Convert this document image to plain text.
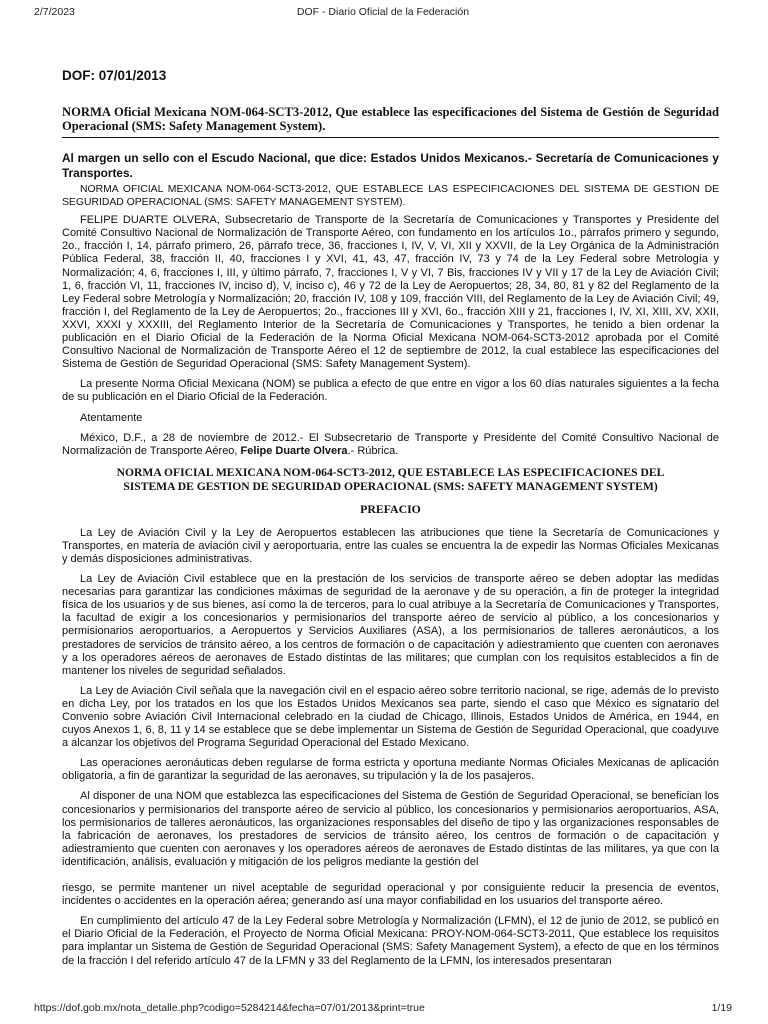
2/7/2023	DOF - Diario Oficial de la Federación
DOF: 07/01/2013
NORMA Oficial Mexicana NOM-064-SCT3-2012, Que establece las especificaciones del Sistema de Gestión de Seguridad Operacional (SMS: Safety Management System).
Al margen un sello con el Escudo Nacional, que dice: Estados Unidos Mexicanos.- Secretaría de Comunicaciones y Transportes.

NORMA OFICIAL MEXICANA NOM-064-SCT3-2012, QUE ESTABLECE LAS ESPECIFICACIONES DEL SISTEMA DE GESTION DE SEGURIDAD OPERACIONAL (SMS: SAFETY MANAGEMENT SYSTEM).

FELIPE DUARTE OLVERA, Subsecretario de Transporte de la Secretaría de Comunicaciones y Transportes y Presidente del Comité Consultivo Nacional de Normalización de Transporte Aéreo, con fundamento en los artículos 1o., párrafos primero y segundo, 2o., fracción I, 14, párrafo primero, 26, párrafo trece, 36, fracciones I, IV, V, VI, XII y XXVII, de la Ley Orgánica de la Administración Pública Federal, 38, fracción II, 40, fracciones I y XVI, 41, 43, 47, fracción IV, 73 y 74 de la Ley Federal sobre Metrología y Normalización; 4, 6, fracciones I, III, y último párrafo, 7, fracciones I, V y VI, 7 Bis, fracciones IV y VII y 17 de la Ley de Aviación Civil; 1, 6, fracción VI, 11, fracciones IV, inciso d), V, inciso c), 46 y 72 de la Ley de Aeropuertos; 28, 34, 80, 81 y 82 del Reglamento de la Ley Federal sobre Metrología y Normalización; 20, fracción IV, 108 y 109, fracción VIII, del Reglamento de la Ley de Aviación Civil; 49, fracción I, del Reglamento de la Ley de Aeropuertos; 2o., fracciones III y XVI, 6o., fracción XIII y 21, fracciones I, IV, XI, XIII, XV, XXII, XXVI, XXXI y XXXIII, del Reglamento Interior de la Secretaría de Comunicaciones y Transportes, he tenido a bien ordenar la publicación en el Diario Oficial de la Federación de la Norma Oficial Mexicana NOM-064-SCT3-2012 aprobada por el Comité Consultivo Nacional de Normalización de Transporte Aéreo el 12 de septiembre de 2012, la cual establece las especificaciones del Sistema de Gestión de Seguridad Operacional (SMS: Safety Management System).

La presente Norma Oficial Mexicana (NOM) se publica a efecto de que entre en vigor a los 60 días naturales siguientes a la fecha de su publicación en el Diario Oficial de la Federación.

Atentamente

México, D.F., a 28 de noviembre de 2012.- El Subsecretario de Transporte y Presidente del Comité Consultivo Nacional de Normalización de Transporte Aéreo, Felipe Duarte Olvera.- Rúbrica.

NORMA OFICIAL MEXICANA NOM-064-SCT3-2012, QUE ESTABLECE LAS ESPECIFICACIONES DEL
SISTEMA DE GESTION DE SEGURIDAD OPERACIONAL (SMS: SAFETY MANAGEMENT SYSTEM)
PREFACIO

La Ley de Aviación Civil y la Ley de Aeropuertos establecen las atribuciones que tiene la Secretaría de Comunicaciones y Transportes, en materia de aviación civil y aeroportuaria, entre las cuales se encuentra la de expedir las Normas Oficiales Mexicanas y demás disposiciones administrativas.

La Ley de Aviación Civil establece que en la prestación de los servicios de transporte aéreo se deben adoptar las medidas necesarias para garantizar las condiciones máximas de seguridad de la aeronave y de su operación, a fin de proteger la integridad física de los usuarios y de sus bienes, así como la de terceros, para lo cual atribuye a la Secretaría de Comunicaciones y Transportes, la facultad de exigir a los concesionarios y permisionarios del transporte aéreo de servicio al público, a los concesionarios y permisionarios aeroportuarios, a Aeropuertos y Servicios Auxiliares (ASA), a los permisionarios de talleres aeronáuticos, a los prestadores de servicios de tránsito aéreo, a los centros de formación o de capacitación y adiestramiento que cuenten con aeronaves y a los operadores aéreos de aeronaves de Estado distintas de las militares; que cumplan con los requisitos establecidos a fin de mantener los niveles de seguridad señalados.

La Ley de Aviación Civil señala que la navegación civil en el espacio aéreo sobre territorio nacional, se rige, además de lo previsto en dicha Ley, por los tratados en los que los Estados Unidos Mexicanos sea parte, siendo el caso que México es signatario del Convenio sobre Aviación Civil Internacional celebrado en la ciudad de Chicago, Illinois, Estados Unidos de América, en 1944, en cuyos Anexos 1, 6, 8, 11 y 14 se establece que se debe implementar un Sistema de Gestión de Seguridad Operacional, que coadyuve a alcanzar los objetivos del Programa Seguridad Operacional del Estado Mexicano.

Las operaciones aeronáuticas deben regularse de forma estricta y oportuna mediante Normas Oficiales Mexicanas de aplicación obligatoria, a fin de garantizar la seguridad de las aeronaves, su tripulación y la de los pasajeros.

Al disponer de una NOM que establezca las especificaciones del Sistema de Gestión de Seguridad Operacional, se benefician los concesionarios y permisionarios del transporte aéreo de servicio al público, los concesionarios y permisionarios aeroportuarios, ASA, los permisionarios de talleres aeronáuticos, las organizaciones responsables del diseño de tipo y las organizaciones responsables de la fabricación de aeronaves, los prestadores de servicios de tránsito aéreo, los centros de formación o de capacitación y adiestramiento que cuenten con aeronaves y los operadores aéreos de aeronaves de Estado distintas de las militares, ya que con la identificación, análisis, evaluación y mitigación de los peligros mediante la gestión del

riesgo, se permite mantener un nivel aceptable de seguridad operacional y por consiguiente reducir la presencia de eventos, incidentes o accidentes en la operación aérea; generando así una mayor confiabilidad en los usuarios del transporte aéreo.

En cumplimiento del artículo 47 de la Ley Federal sobre Metrología y Normalización (LFMN), el 12 de junio de 2012, se publicó en el Diario Oficial de la Federación, el Proyecto de Norma Oficial Mexicana: PROY-NOM-064-SCT3-2011, Que establece los requisitos para implantar un Sistema de Gestión de Seguridad Operacional (SMS: Safety Management System), a efecto de que en los términos de la fracción I del referido artículo 47 de la LFMN y 33 del Reglamento de la LFMN, los interesados presentaran

https://dof.gob.mx/nota_detalle.php?codigo=5284214&fecha=07/01/2013&print=true	1/19
